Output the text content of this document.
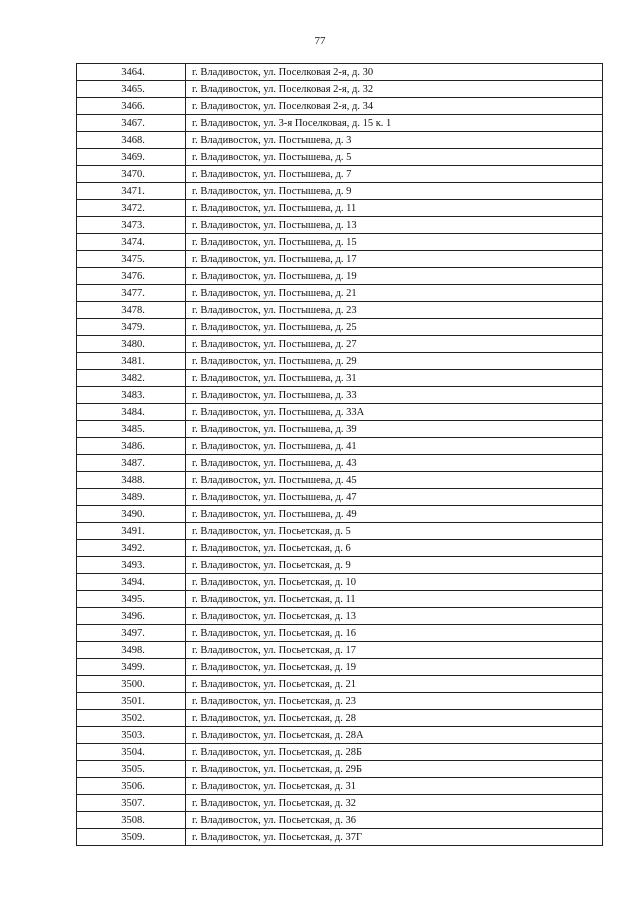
77
3464.	г. Владивосток, ул. Поселковая 2-я, д. 30
3465.	г. Владивосток, ул. Поселковая 2-я, д. 32
3466.	г. Владивосток, ул. Поселковая 2-я, д. 34
3467.	г. Владивосток, ул. 3-я Поселковая, д. 15 к. 1
3468.	г. Владивосток, ул. Постышева, д. 3
3469.	г. Владивосток, ул. Постышева, д. 5
3470.	г. Владивосток, ул. Постышева, д. 7
3471.	г. Владивосток, ул. Постышева, д. 9
3472.	г. Владивосток, ул. Постышева, д. 11
3473.	г. Владивосток, ул. Постышева, д. 13
3474.	г. Владивосток, ул. Постышева, д. 15
3475.	г. Владивосток, ул. Постышева, д. 17
3476.	г. Владивосток, ул. Постышева, д. 19
3477.	г. Владивосток, ул. Постышева, д. 21
3478.	г. Владивосток, ул. Постышева, д. 23
3479.	г. Владивосток, ул. Постышева, д. 25
3480.	г. Владивосток, ул. Постышева, д. 27
3481.	г. Владивосток, ул. Постышева, д. 29
3482.	г. Владивосток, ул. Постышева, д. 31
3483.	г. Владивосток, ул. Постышева, д. 33
3484.	г. Владивосток, ул. Постышева, д. 33А
3485.	г. Владивосток, ул. Постышева, д. 39
3486.	г. Владивосток, ул. Постышева, д. 41
3487.	г. Владивосток, ул. Постышева, д. 43
3488.	г. Владивосток, ул. Постышева, д. 45
3489.	г. Владивосток, ул. Постышева, д. 47
3490.	г. Владивосток, ул. Постышева, д. 49
3491.	г. Владивосток, ул. Посьетская, д. 5
3492.	г. Владивосток, ул. Посьетская, д. 6
3493.	г. Владивосток, ул. Посьетская, д. 9
3494.	г. Владивосток, ул. Посьетская, д. 10
3495.	г. Владивосток, ул. Посьетская, д. 11
3496.	г. Владивосток, ул. Посьетская, д. 13
3497.	г. Владивосток, ул. Посьетская, д. 16
3498.	г. Владивосток, ул. Посьетская, д. 17
3499.	г. Владивосток, ул. Посьетская, д. 19
3500.	г. Владивосток, ул. Посьетская, д. 21
3501.	г. Владивосток, ул. Посьетская, д. 23
3502.	г. Владивосток, ул. Посьетская, д. 28
3503.	г. Владивосток, ул. Посьетская, д. 28А
3504.	г. Владивосток, ул. Посьетская, д. 28Б
3505.	г. Владивосток, ул. Посьетская, д. 29Б
3506.	г. Владивосток, ул. Посьетская, д. 31
3507.	г. Владивосток, ул. Посьетская, д. 32
3508.	г. Владивосток, ул. Посьетская, д. 36
3509.	г. Владивосток, ул. Посьетская, д. 37Г
